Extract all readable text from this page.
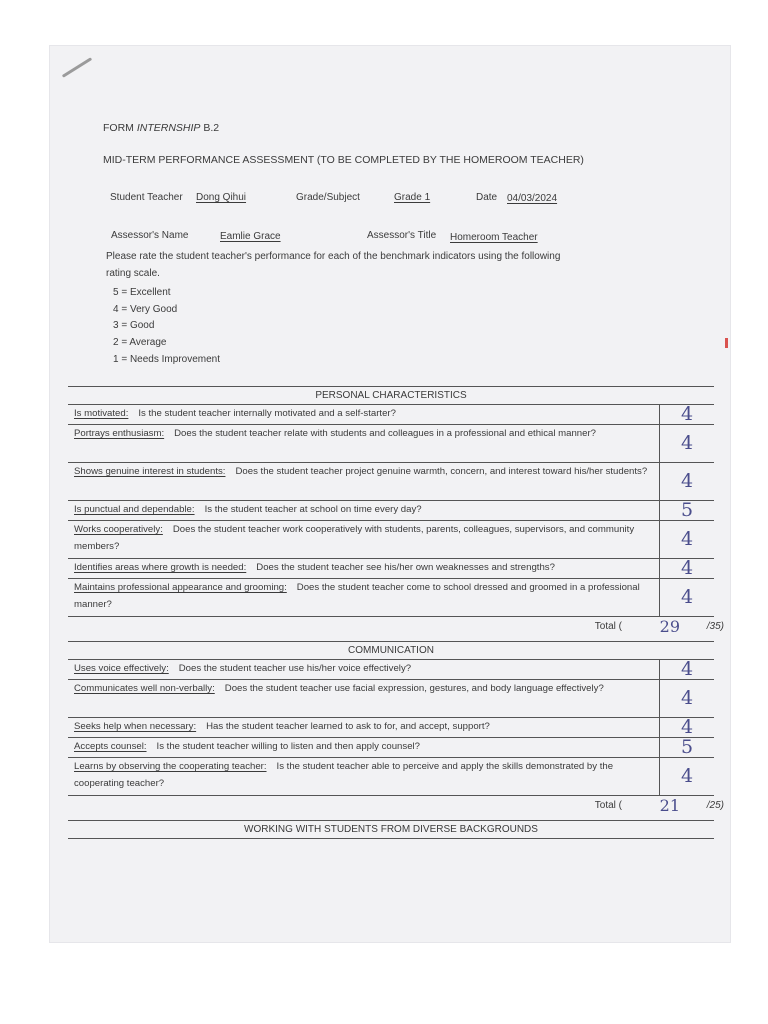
FORM INTERNSHIP B.2
MID-TERM PERFORMANCE ASSESSMENT (TO BE COMPLETED BY THE HOMEROOM TEACHER)
Student Teacher Dong Qihui	Grade/Subject	Grade 1	Date 04/03/2024
Assessor's Name	Eamlie Grace	Assessor's Title Homeroom Teacher
Please rate the student teacher's performance for each of the benchmark indicators using the following
rating scale.
5 = Excellent
4 = Very Good
3 = Good
2 = Average
1 = Needs Improvement
PERSONAL CHARACTERISTICS
Is motivated: Is the student teacher internally motivated and a self-starter?	4
Portrays enthusiasm: Does the student teacher relate with students and colleagues in a professional and ethical manner?	4
Shows genuine interest in students: Does the student teacher project genuine warmth, concern, and interest toward his/her students?	4
Is punctual and dependable: Is the student teacher at school on time every day?	5
Works cooperatively: Does the student teacher work cooperatively with students, parents, colleagues, supervisors, and community members?	4
Identifies areas where growth is needed: Does the student teacher see his/her own weaknesses and strengths?	4
Maintains professional appearance and grooming: Does the student teacher come to school dressed and groomed in a professional manner?	4
Total ( 29	/35)
COMMUNICATION
Uses voice effectively: Does the student teacher use his/her voice effectively?	4
Communicates well non-verbally: Does the student teacher use facial expression, gestures, and body language effectively?	4
Seeks help when necessary: Has the student teacher learned to ask to for, and accept, support?	4
Accepts counsel: Is the student teacher willing to listen and then apply counsel?	5
Learns by observing the cooperating teacher: Is the student teacher able to perceive and apply the skills demonstrated by the cooperating teacher?	4
Total ( 21	/25)
WORKING WITH STUDENTS FROM DIVERSE BACKGROUNDS
